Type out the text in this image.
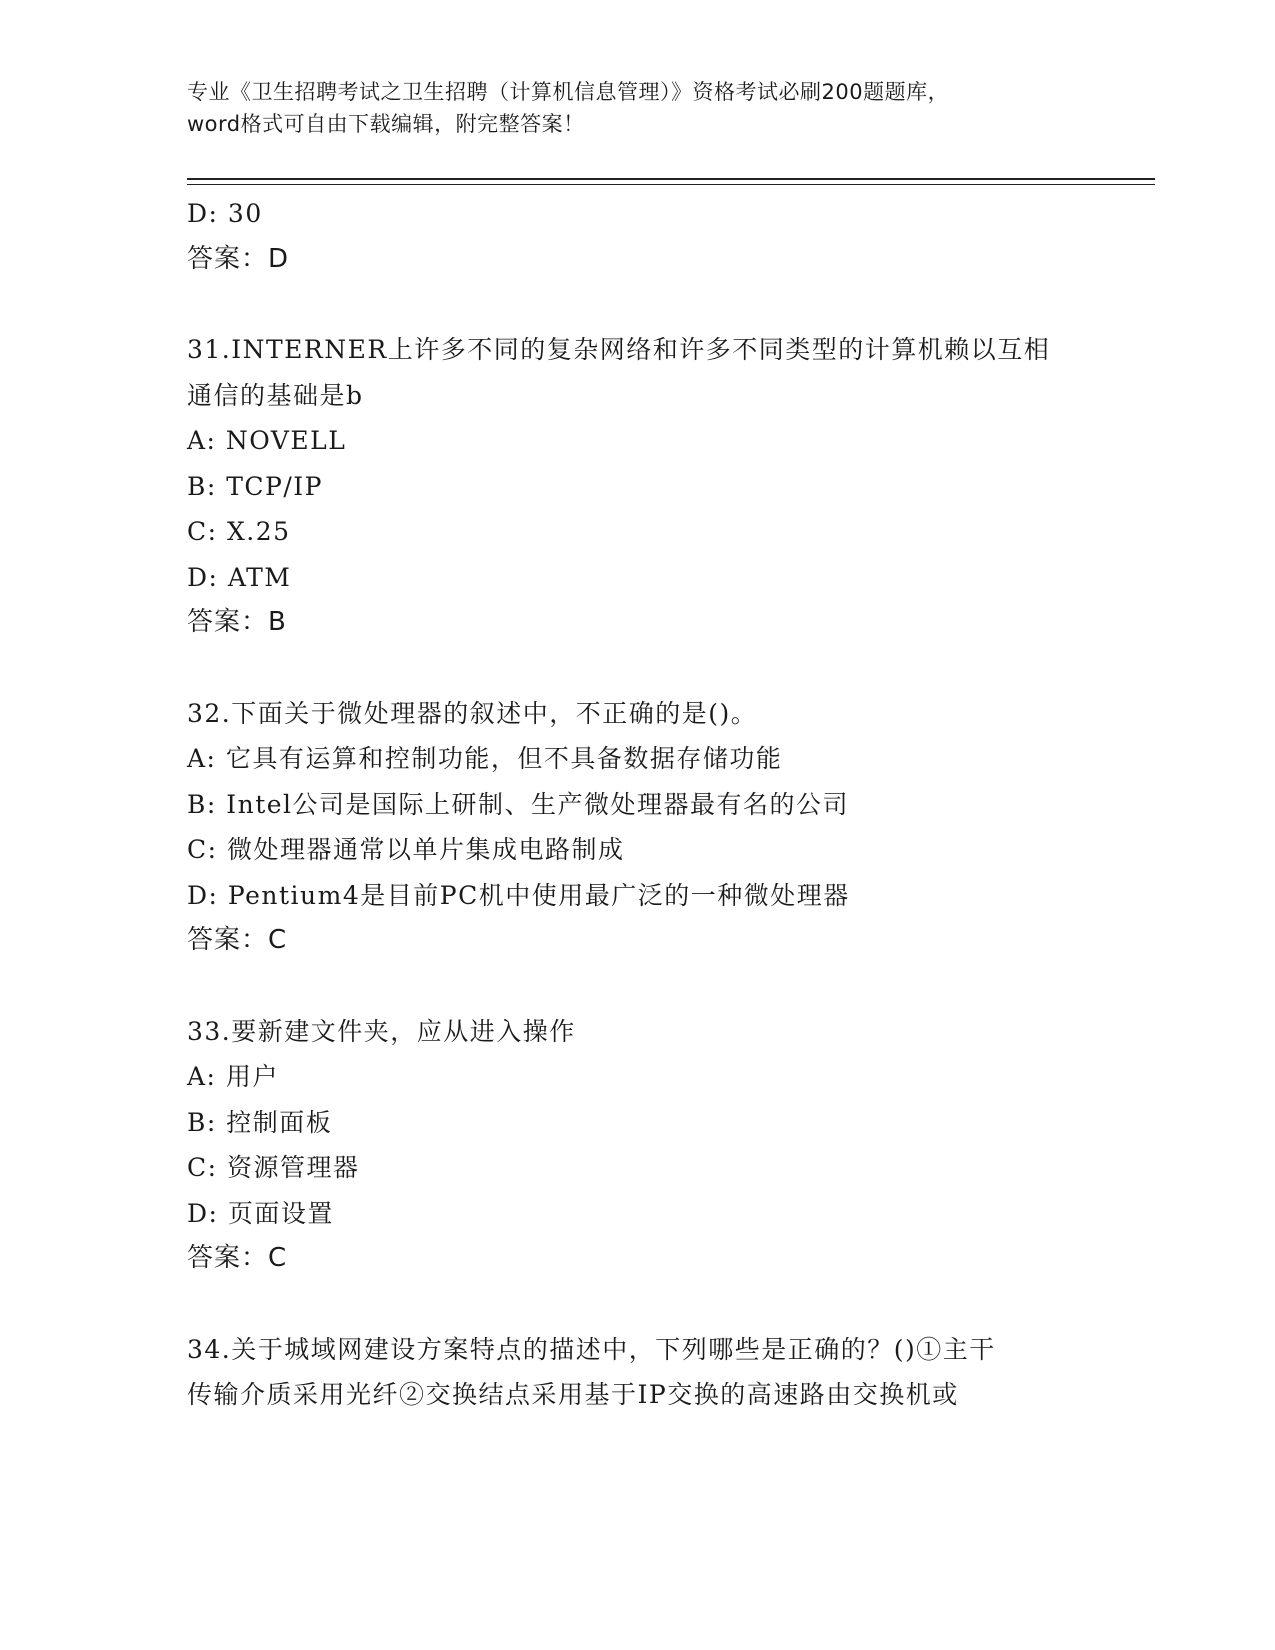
专业《卫生招聘考试之卫生招聘（计算机信息管理）》资格考试必刷200题题库，
word格式可自由下载编辑，附完整答案！
D: 30
答案：D
31.INTERNER上许多不同的复杂网络和许多不同类型的计算机赖以互相
通信的基础是b
A: NOVELL
B: TCP/IP
C: X.25
D: ATM
答案：B
32.下面关于微处理器的叙述中，不正确的是()。
A: 它具有运算和控制功能，但不具备数据存储功能
B: Intel公司是国际上研制、生产微处理器最有名的公司
C: 微处理器通常以单片集成电路制成
D: Pentium4是目前PC机中使用最广泛的一种微处理器
答案：C
33.要新建文件夹，应从进入操作
A: 用户
B: 控制面板
C: 资源管理器
D: 页面设置
答案：C
34.关于城域网建设方案特点的描述中，下列哪些是正确的？()①主干
传输介质采用光纤②交换结点采用基于IP交换的高速路由交换机或
